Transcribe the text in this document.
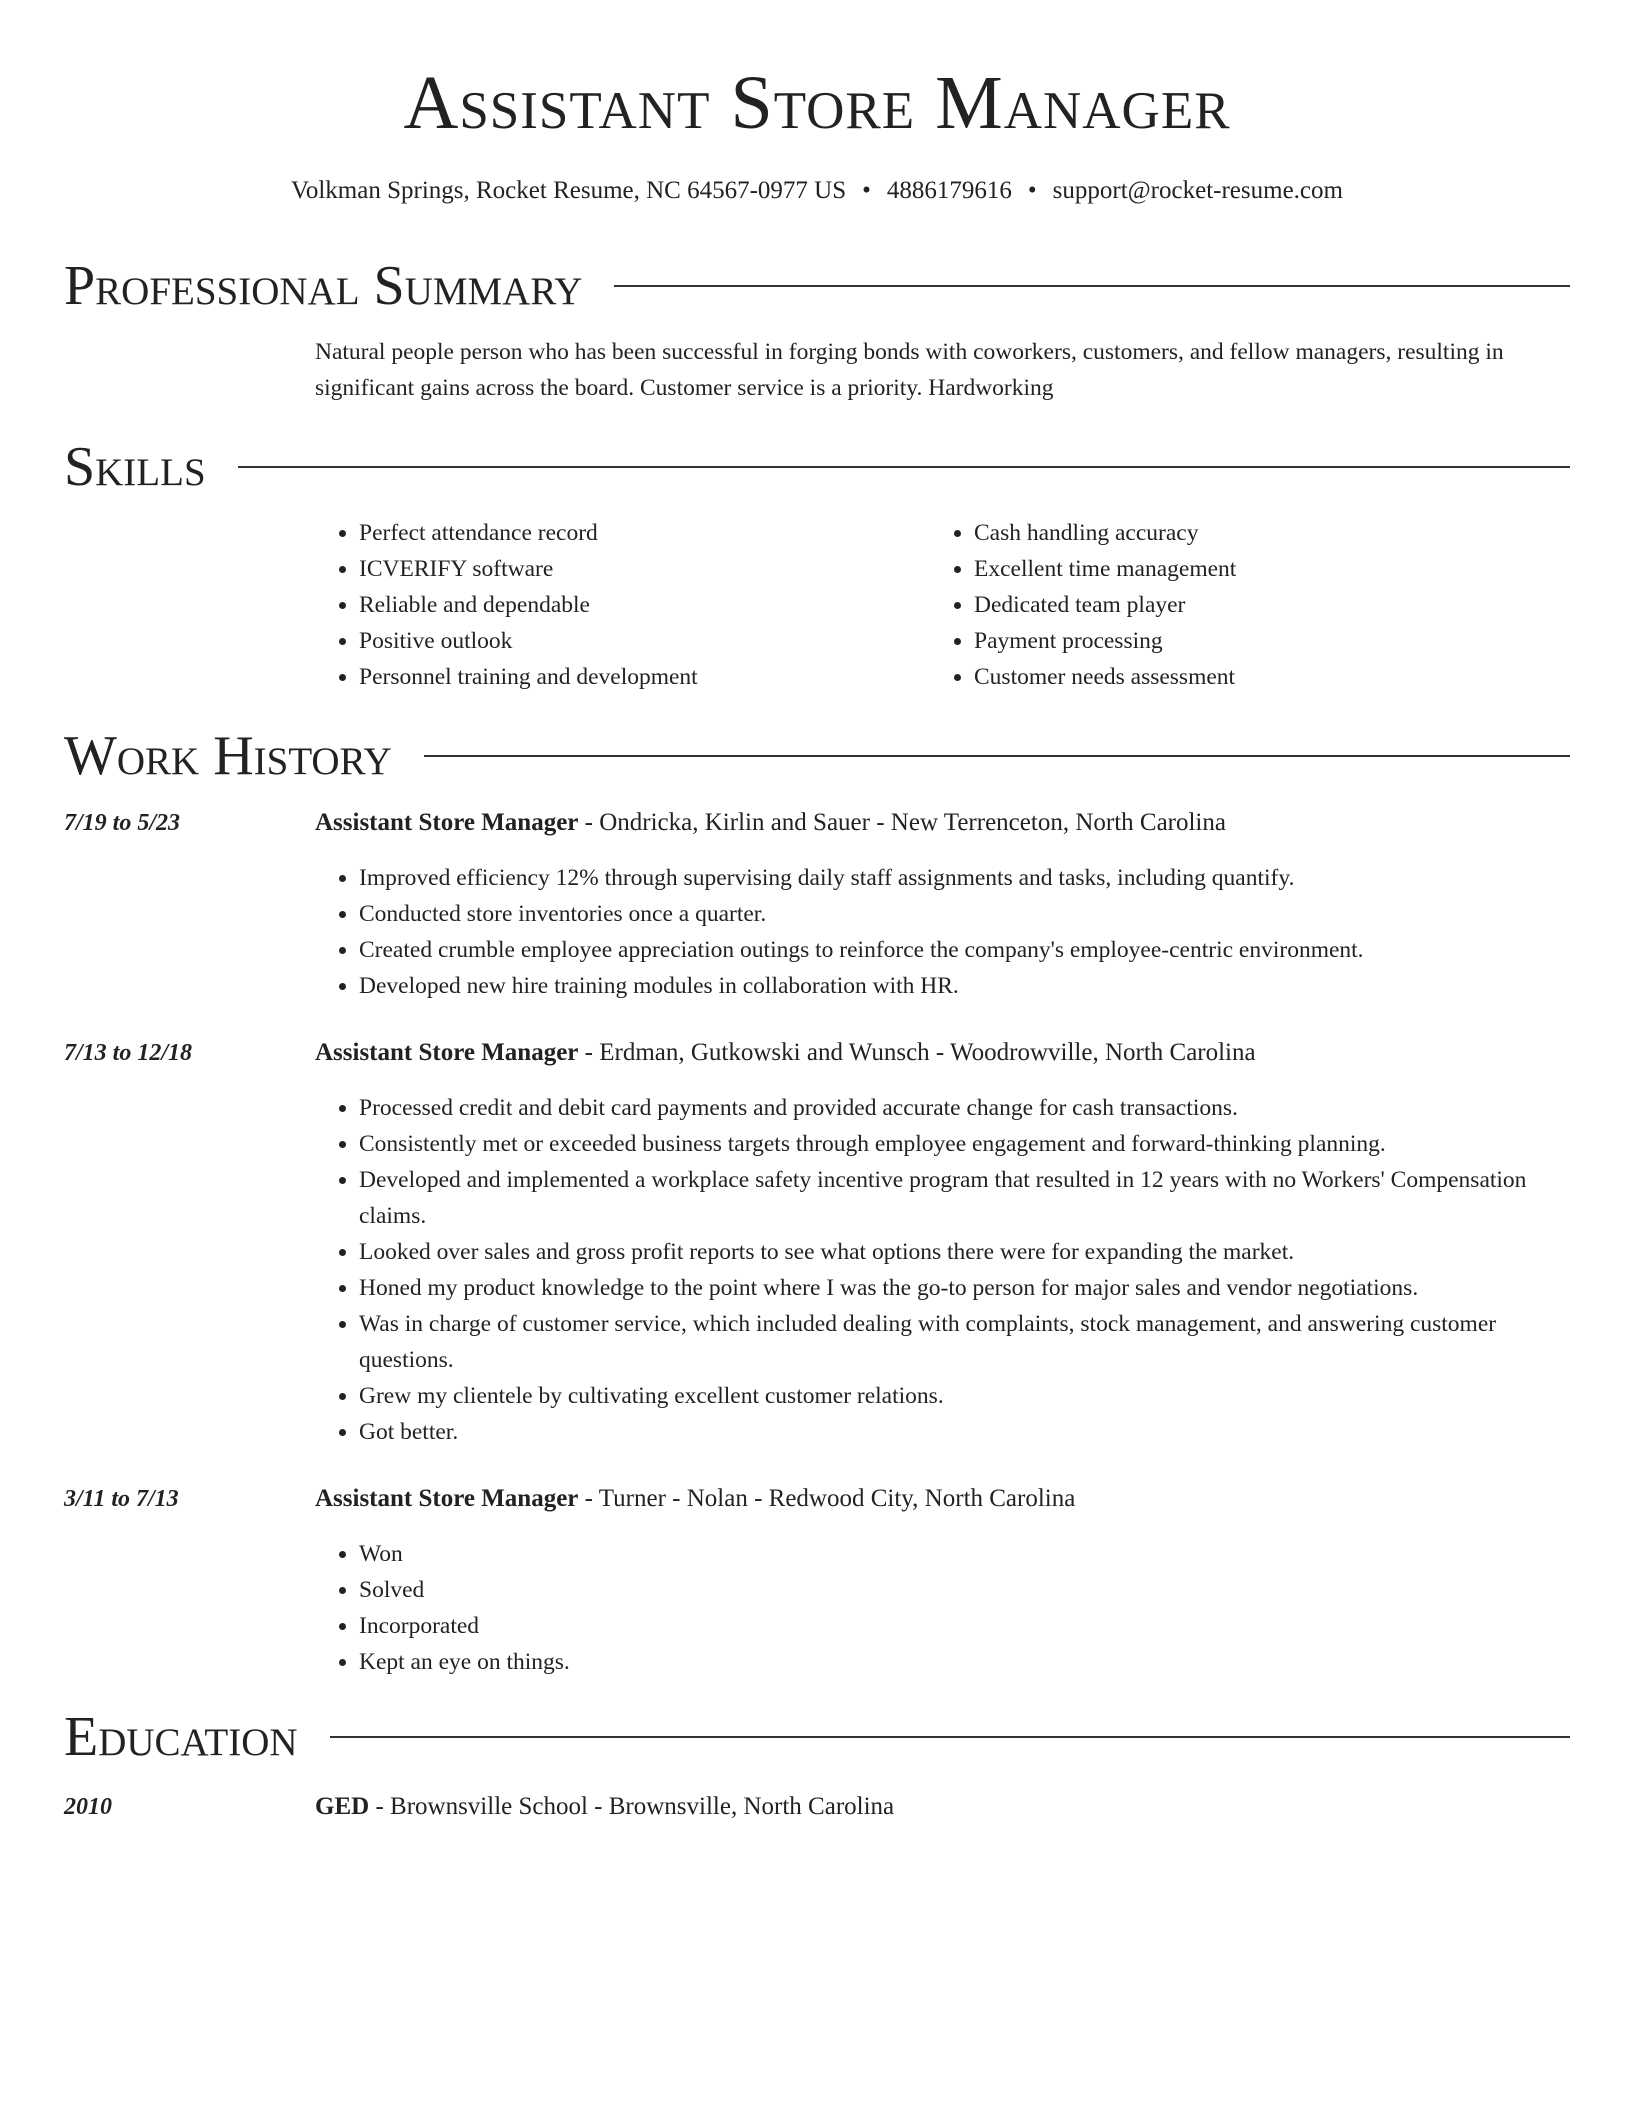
Assistant Store Manager
Volkman Springs, Rocket Resume, NC 64567-0977 US • 4886179616 • support@rocket-resume.com
Professional Summary
Natural people person who has been successful in forging bonds with coworkers, customers, and fellow managers, resulting in significant gains across the board. Customer service is a priority. Hardworking
Skills
• Perfect attendance record
• ICVERIFY software
• Reliable and dependable
• Positive outlook
• Personnel training and development
• Cash handling accuracy
• Excellent time management
• Dedicated team player
• Payment processing
• Customer needs assessment
Work History
7/19 to 5/23	Assistant Store Manager - Ondricka, Kirlin and Sauer - New Terrenceton, North Carolina
• Improved efficiency 12% through supervising daily staff assignments and tasks, including quantify.
• Conducted store inventories once a quarter.
• Created crumble employee appreciation outings to reinforce the company's employee-centric environment.
• Developed new hire training modules in collaboration with HR.
7/13 to 12/18	Assistant Store Manager - Erdman, Gutkowski and Wunsch - Woodrowville, North Carolina
• Processed credit and debit card payments and provided accurate change for cash transactions.
• Consistently met or exceeded business targets through employee engagement and forward-thinking planning.
• Developed and implemented a workplace safety incentive program that resulted in 12 years with no Workers' Compensation claims.
• Looked over sales and gross profit reports to see what options there were for expanding the market.
• Honed my product knowledge to the point where I was the go-to person for major sales and vendor negotiations.
• Was in charge of customer service, which included dealing with complaints, stock management, and answering customer questions.
• Grew my clientele by cultivating excellent customer relations.
• Got better.
3/11 to 7/13	Assistant Store Manager - Turner - Nolan - Redwood City, North Carolina
• Won
• Solved
• Incorporated
• Kept an eye on things.
Education
2010	GED - Brownsville School - Brownsville, North Carolina
